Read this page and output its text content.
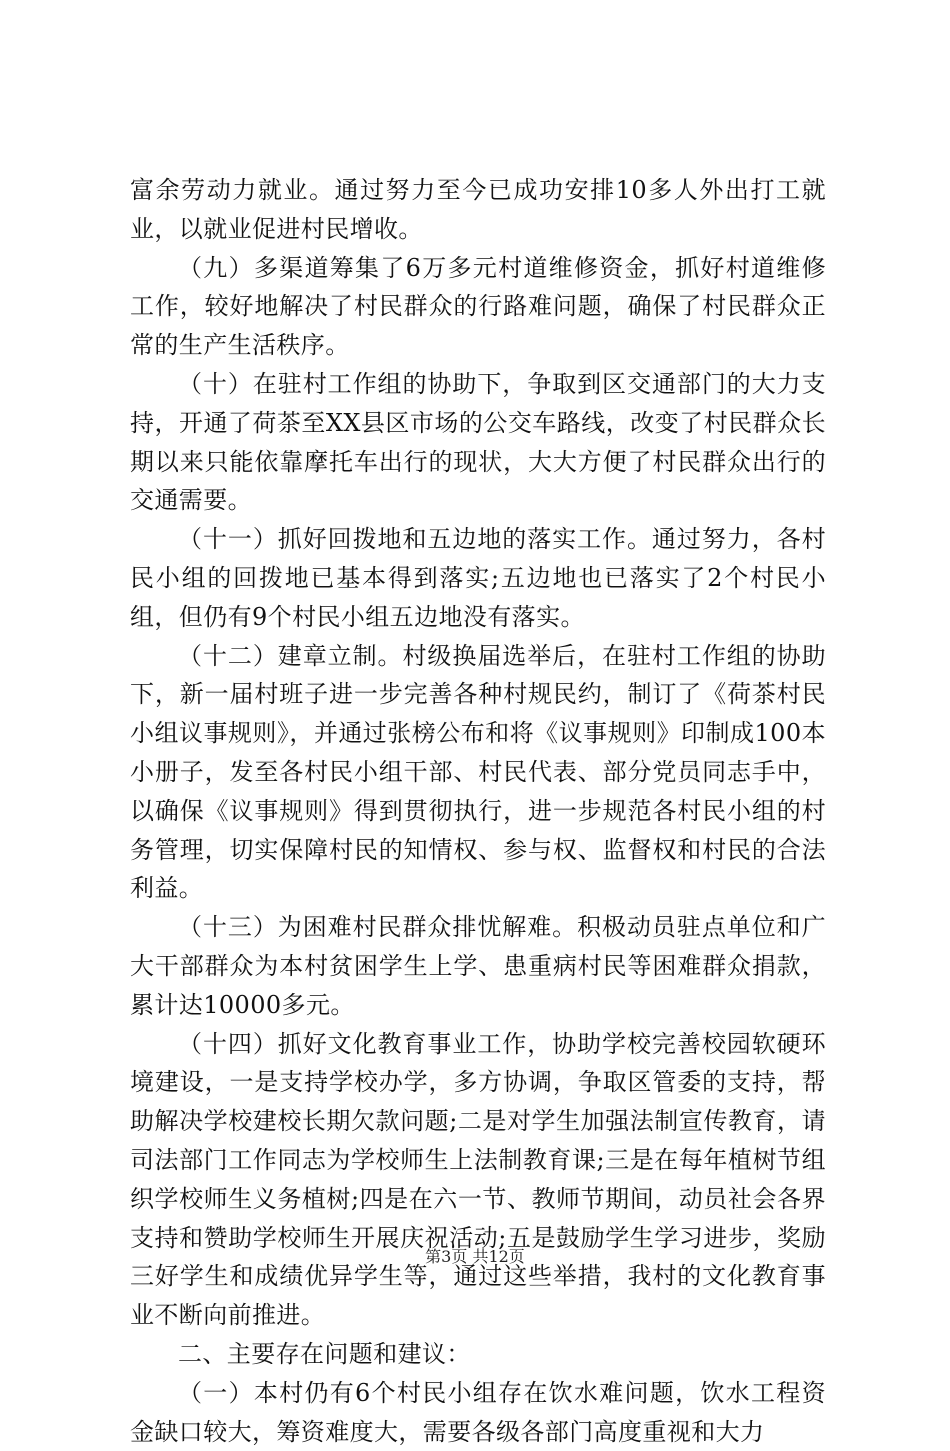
富余劳动力就业。通过努力至今已成功安排10多人外出打工就业，以就业促进村民增收。

（九）多渠道筹集了6万多元村道维修资金，抓好村道维修工作，较好地解决了村民群众的行路难问题，确保了村民群众正常的生产生活秩序。

（十）在驻村工作组的协助下，争取到区交通部门的大力支持，开通了荷茶至XX县区市场的公交车路线，改变了村民群众长期以来只能依靠摩托车出行的现状，大大方便了村民群众出行的交通需要。

（十一）抓好回拨地和五边地的落实工作。通过努力，各村民小组的回拨地已基本得到落实;五边地也已落实了2个村民小组，但仍有9个村民小组五边地没有落实。

（十二）建章立制。村级换届选举后，在驻村工作组的协助下，新一届村班子进一步完善各种村规民约，制订了《荷茶村民小组议事规则》，并通过张榜公布和将《议事规则》印制成100本小册子，发至各村民小组干部、村民代表、部分党员同志手中，以确保《议事规则》得到贯彻执行，进一步规范各村民小组的村务管理，切实保障村民的知情权、参与权、监督权和村民的合法利益。

（十三）为困难村民群众排忧解难。积极动员驻点单位和广大干部群众为本村贫困学生上学、患重病村民等困难群众捐款，累计达10000多元。

（十四）抓好文化教育事业工作，协助学校完善校园软硬环境建设，一是支持学校办学，多方协调，争取区管委的支持，帮助解决学校建校长期欠款问题;二是对学生加强法制宣传教育，请司法部门工作同志为学校师生上法制教育课;三是在每年植树节组织学校师生义务植树;四是在六一节、教师节期间，动员社会各界支持和赞助学校师生开展庆祝活动;五是鼓励学生学习进步，奖励三好学生和成绩优异学生等，通过这些举措，我村的文化教育事业不断向前推进。

二、主要存在问题和建议：

（一）本村仍有6个村民小组存在饮水难问题，饮水工程资金缺口较大，筹资难度大，需要各级各部门高度重视和大力

第3页 共12页
